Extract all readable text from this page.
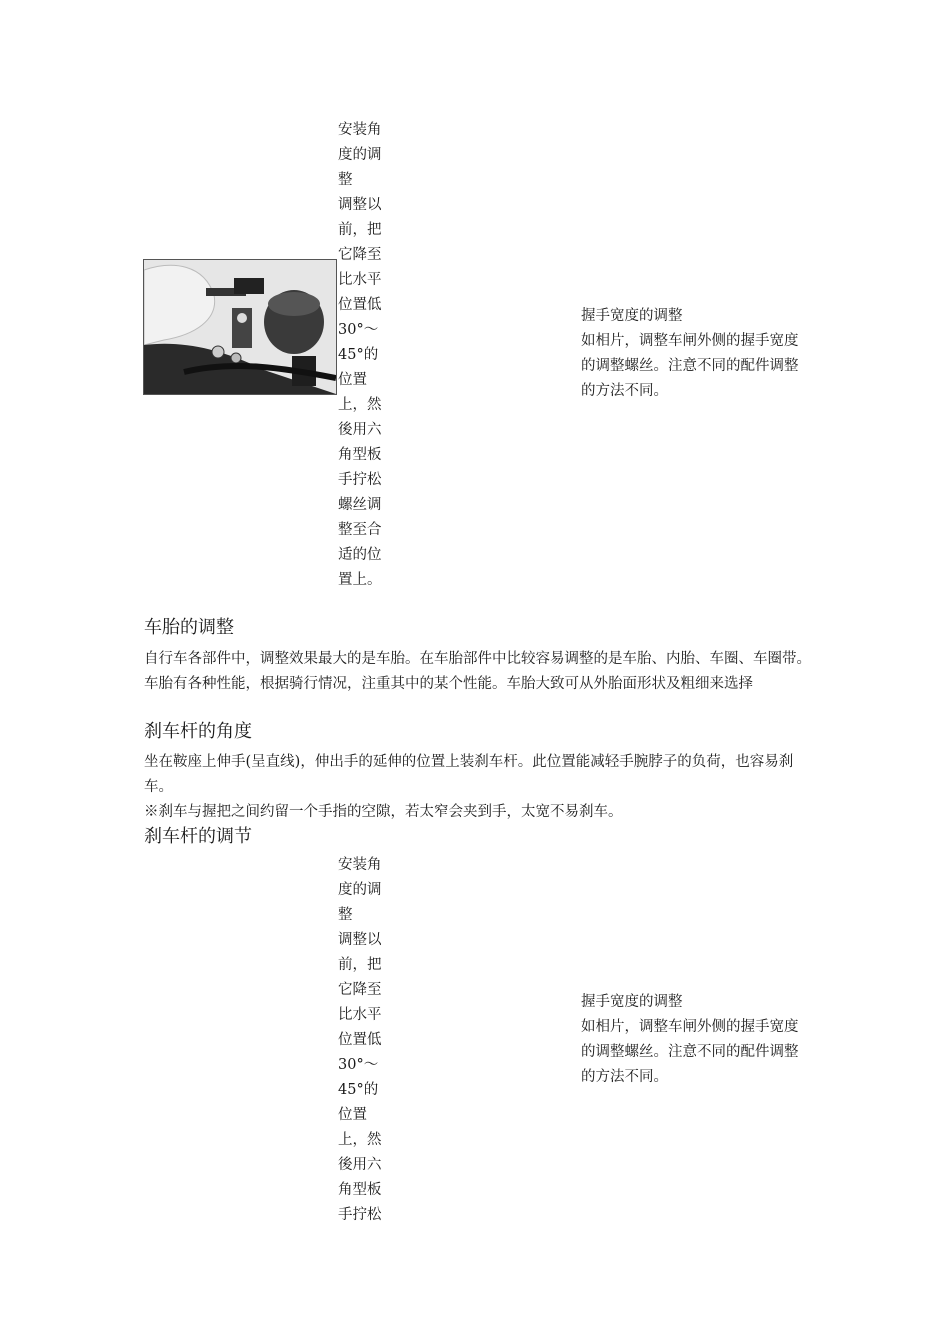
安装角
度的调
整
调整以
前，把
它降至
比水平
位置低
30°～
45°的
位置
上，然
後用六
角型板
手拧松
螺丝调
整至合
适的位
置上。
握手宽度的调整
如相片，调整车闸外侧的握手宽度的调整螺丝。注意不同的配件调整的方法不同。
车胎的调整
自行车各部件中，调整效果最大的是车胎。在车胎部件中比较容易调整的是车胎、内胎、车圈、车圈带。车胎有各种性能，根据骑行情况，注重其中的某个性能。车胎大致可从外胎面形状及粗细来选择
刹车杆的角度
坐在鞍座上伸手(呈直线)，伸出手的延伸的位置上装刹车杆。此位置能减轻手腕脖子的负荷，也容易刹车。
※刹车与握把之间约留一个手指的空隙，若太窄会夹到手，太宽不易刹车。
刹车杆的调节
安装角
度的调
整
调整以
前，把
它降至
比水平
位置低
30°～
45°的
位置
上，然
後用六
角型板
手拧松
握手宽度的调整
如相片，调整车闸外侧的握手宽度的调整螺丝。注意不同的配件调整的方法不同。
